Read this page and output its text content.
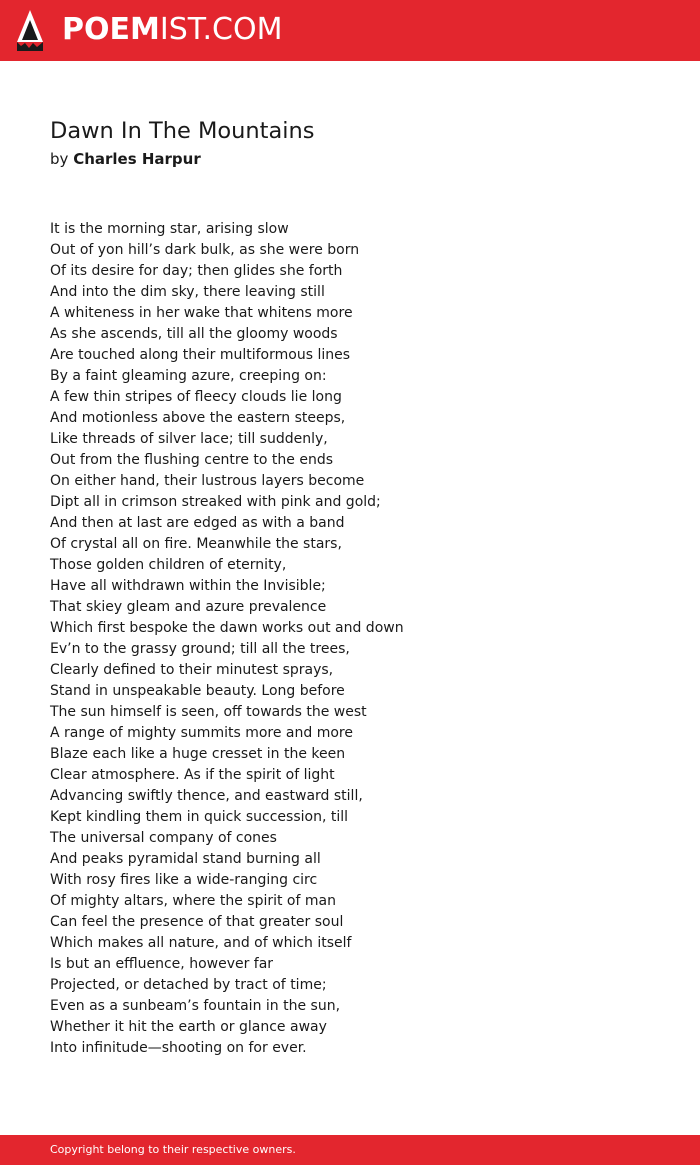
POEMIST.COM
Dawn In The Mountains
by Charles Harpur
It is the morning star, arising slow
Out of yon hill’s dark bulk, as she were born
Of its desire for day; then glides she forth
And into the dim sky, there leaving still
A whiteness in her wake that whitens more
As she ascends, till all the gloomy woods
Are touched along their multiformous lines
By a faint gleaming azure, creeping on:
A few thin stripes of fleecy clouds lie long
And motionless above the eastern steeps,
Like threads of silver lace; till suddenly,
Out from the flushing centre to the ends
On either hand, their lustrous layers become
Dipt all in crimson streaked with pink and gold;
And then at last are edged as with a band
Of crystal all on fire. Meanwhile the stars,
Those golden children of eternity,
Have all withdrawn within the Invisible;
That skiey gleam and azure prevalence
Which first bespoke the dawn works out and down
Ev’n to the grassy ground; till all the trees,
Clearly defined to their minutest sprays,
Stand in unspeakable beauty. Long before
The sun himself is seen, off towards the west
A range of mighty summits more and more
Blaze each like a huge cresset in the keen
Clear atmosphere. As if the spirit of light
Advancing swiftly thence, and eastward still,
Kept kindling them in quick succession, till
The universal company of cones
And peaks pyramidal stand burning all
With rosy fires like a wide-ranging circ
Of mighty altars, where the spirit of man
Can feel the presence of that greater soul
Which makes all nature, and of which itself
Is but an effluence, however far
Projected, or detached by tract of time;
Even as a sunbeam’s fountain in the sun,
Whether it hit the earth or glance away
Into infinitude—shooting on for ever.
Copyright belong to their respective owners.
